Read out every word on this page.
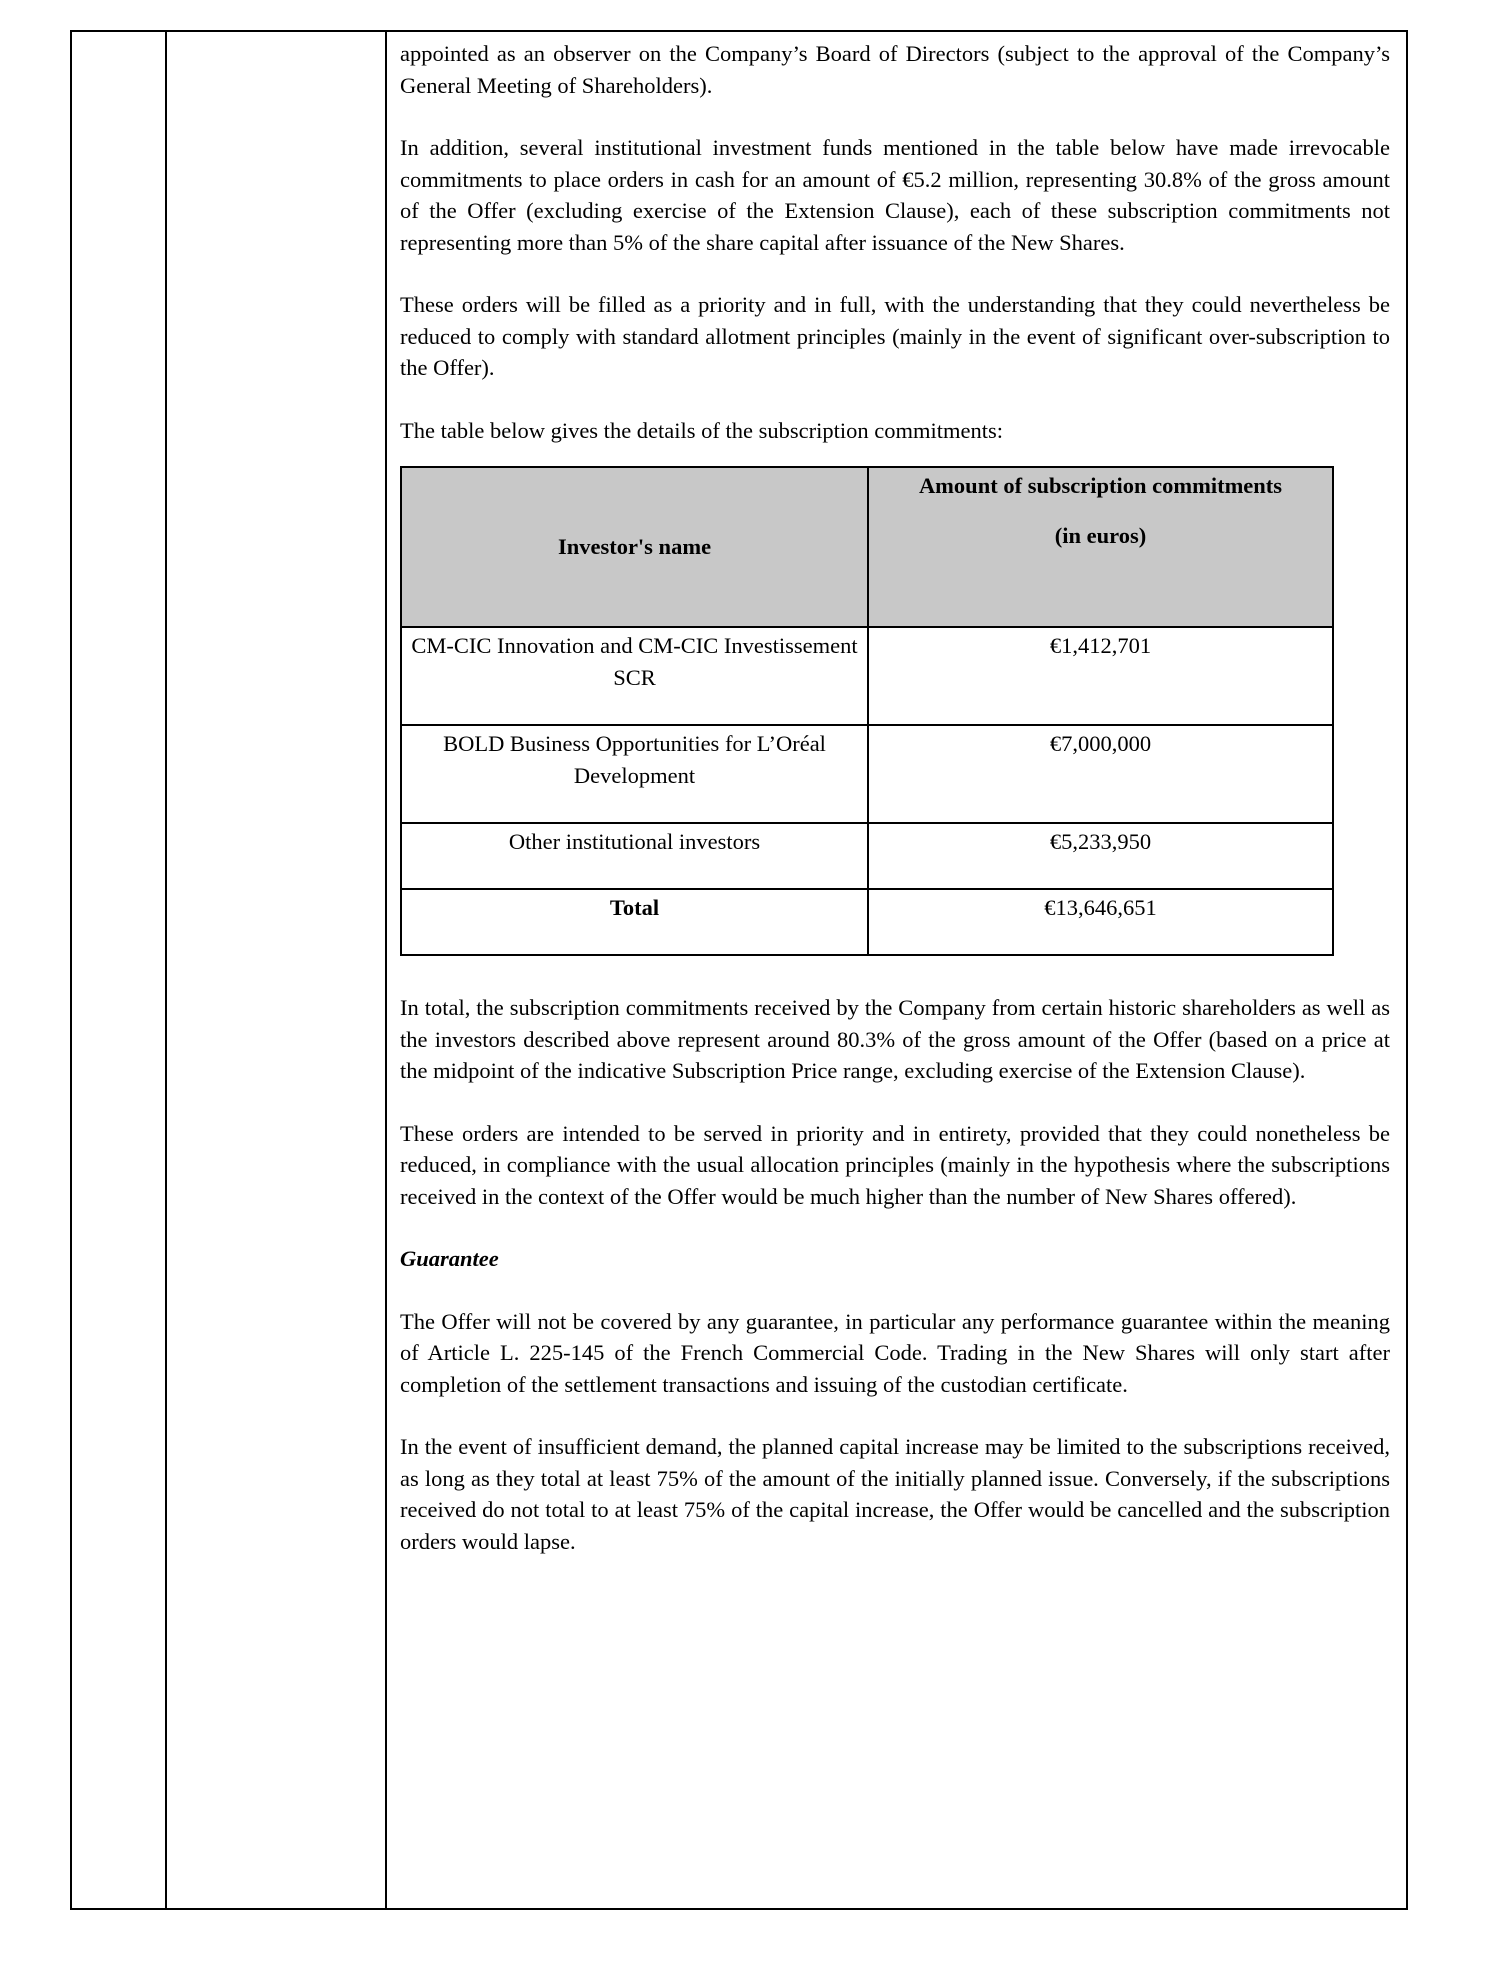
appointed as an observer on the Company’s Board of Directors (subject to the approval of the Company’s General Meeting of Shareholders).

In addition, several institutional investment funds mentioned in the table below have made irrevocable commitments to place orders in cash for an amount of €5.2 million, representing 30.8% of the gross amount of the Offer (excluding exercise of the Extension Clause), each of these subscription commitments not representing more than 5% of the share capital after issuance of the New Shares.

These orders will be filled as a priority and in full, with the understanding that they could nevertheless be reduced to comply with standard allotment principles (mainly in the event of significant over-subscription to the Offer).

The table below gives the details of the subscription commitments:

Investor's name	Amount of subscription commitments
(in euros)

CM-CIC Innovation and CM-CIC Investissement SCR	€1,412,701
BOLD Business Opportunities for L’Oréal Development	€7,000,000
Other institutional investors	€5,233,950
Total	€13,646,651

In total, the subscription commitments received by the Company from certain historic shareholders as well as the investors described above represent around 80.3% of the gross amount of the Offer (based on a price at the midpoint of the indicative Subscription Price range, excluding exercise of the Extension Clause).

These orders are intended to be served in priority and in entirety, provided that they could nonetheless be reduced, in compliance with the usual allocation principles (mainly in the hypothesis where the subscriptions received in the context of the Offer would be much higher than the number of New Shares offered).

Guarantee

The Offer will not be covered by any guarantee, in particular any performance guarantee within the meaning of Article L. 225-145 of the French Commercial Code. Trading in the New Shares will only start after completion of the settlement transactions and issuing of the custodian certificate.

In the event of insufficient demand, the planned capital increase may be limited to the subscriptions received, as long as they total at least 75% of the amount of the initially planned issue. Conversely, if the subscriptions received do not total to at least 75% of the capital increase, the Offer would be cancelled and the subscription orders would lapse.
